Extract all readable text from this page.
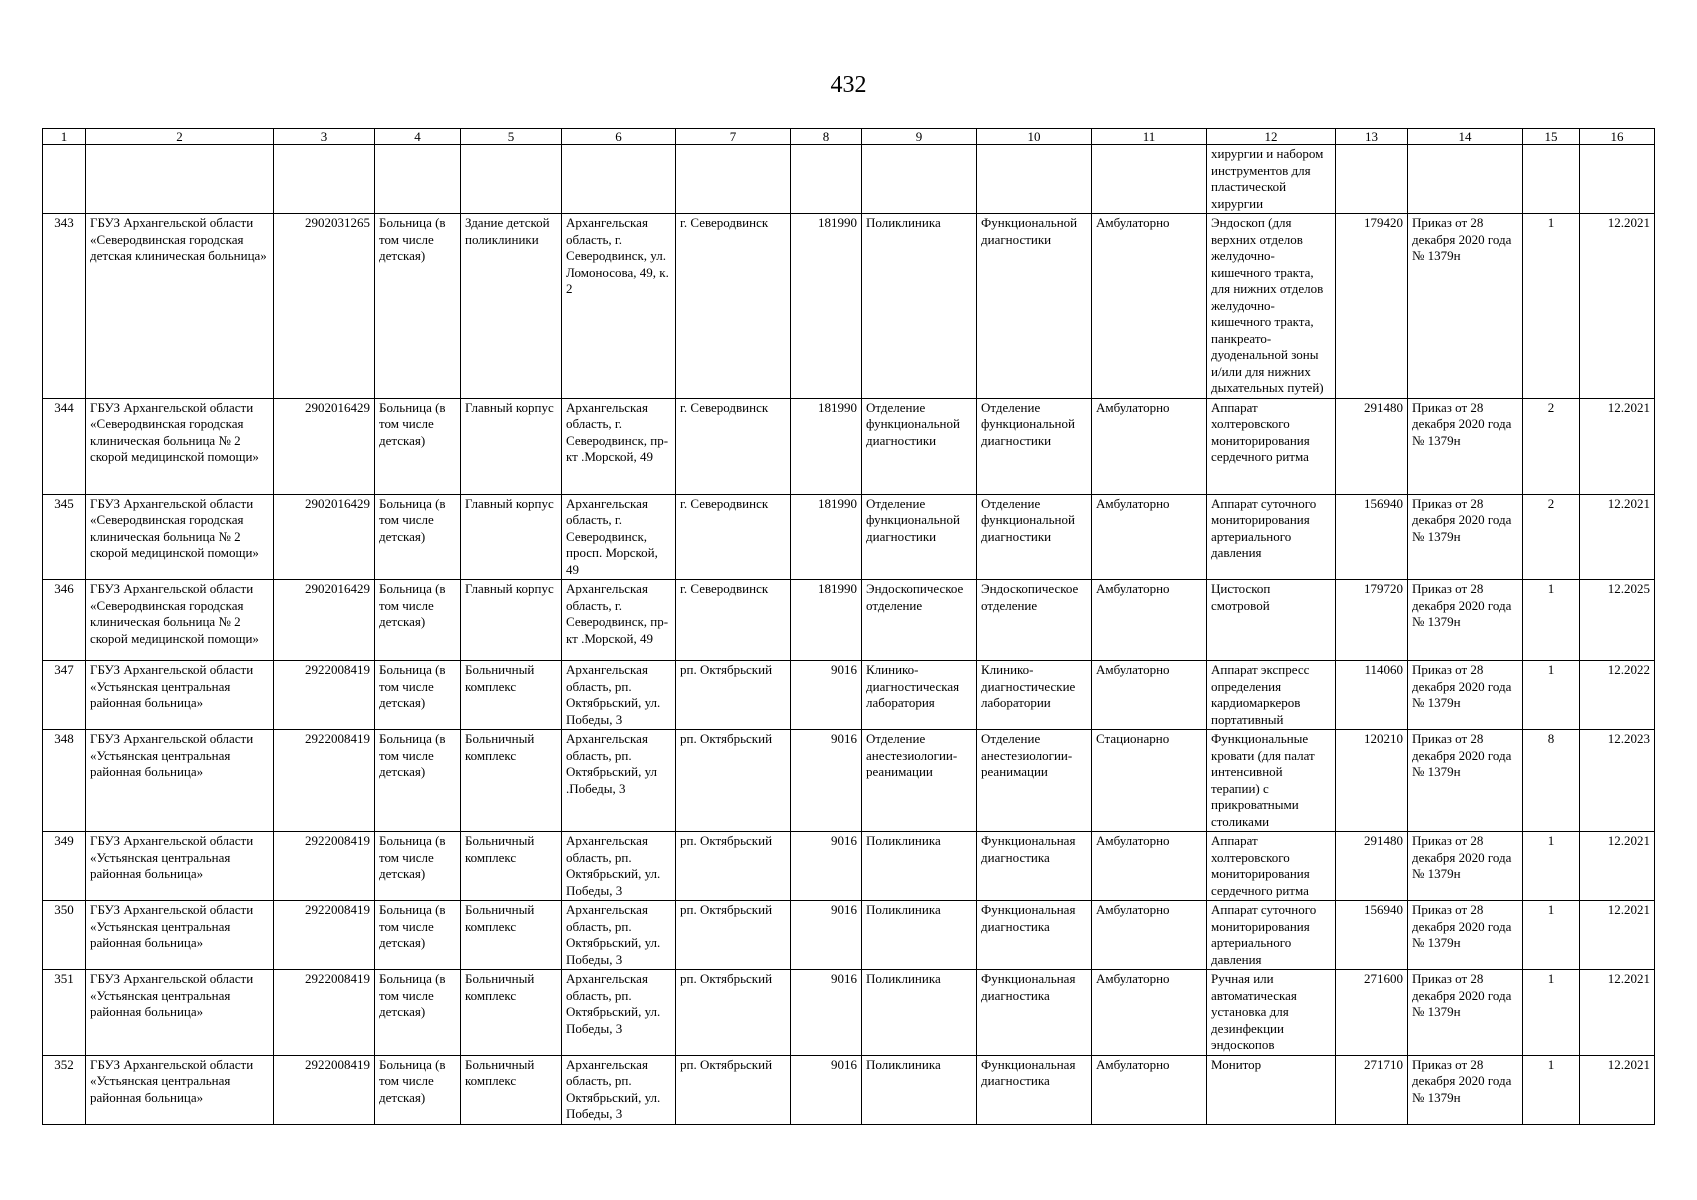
432
1	2	3	4	5	6	7	8	9	10	11	12	13	14	15	16
											хирургии и набором инструментов для пластической хирургии				
343	ГБУЗ Архангельской области «Северодвинская городская детская клиническая больница»	2902031265	Больница (в том числе детская)	Здание детской поликлиники	Архангельская область, г. Северодвинск, ул. Ломоносова, 49, к. 2	г. Северодвинск	181990	Поликлиника	Функциональной диагностики	Амбулаторно	Эндоскоп (для верхних отделов желудочно-кишечного тракта, для нижних отделов желудочно-кишечного тракта, панкреато-дуоденальной зоны и/или для нижних дыхательных путей)	179420	Приказ от 28 декабря 2020 года № 1379н	1	12.2021
344	ГБУЗ Архангельской области «Северодвинская городская клиническая больница № 2 скорой медицинской помощи»	2902016429	Больница (в том числе детская)	Главный корпус	Архангельская область, г. Северодвинск, пр-кт .Морской, 49	г. Северодвинск	181990	Отделение функциональной диагностики	Отделение функциональной диагностики	Амбулаторно	Аппарат холтеровского мониторирования сердечного ритма	291480	Приказ от 28 декабря 2020 года № 1379н	2	12.2021
345	ГБУЗ Архангельской области «Северодвинская городская клиническая больница № 2 скорой медицинской помощи»	2902016429	Больница (в том числе детская)	Главный корпус	Архангельская область, г. Северодвинск, просп. Морской, 49	г. Северодвинск	181990	Отделение функциональной диагностики	Отделение функциональной диагностики	Амбулаторно	Аппарат суточного мониторирования артериального давления	156940	Приказ от 28 декабря 2020 года № 1379н	2	12.2021
346	ГБУЗ Архангельской области «Северодвинская городская клиническая больница № 2 скорой медицинской помощи»	2902016429	Больница (в том числе детская)	Главный корпус	Архангельская область, г. Северодвинск, пр-кт .Морской, 49	г. Северодвинск	181990	Эндоскопическое отделение	Эндоскопическое отделение	Амбулаторно	Цистоскоп смотровой	179720	Приказ от 28 декабря 2020 года № 1379н	1	12.2025
347	ГБУЗ Архангельской области «Устьянская центральная районная больница»	2922008419	Больница (в том числе детская)	Больничный комплекс	Архангельская область, рп. Октябрьский, ул. Победы, 3	рп. Октябрьский	9016	Клинико-диагностическая лаборатория	Клинико-диагностические лаборатории	Амбулаторно	Аппарат экспресс определения кардиомаркеров портативный	114060	Приказ от 28 декабря 2020 года № 1379н	1	12.2022
348	ГБУЗ Архангельской области «Устьянская центральная районная больница»	2922008419	Больница (в том числе детская)	Больничный комплекс	Архангельская область, рп. Октябрьский, ул .Победы, 3	рп. Октябрьский	9016	Отделение анестезиологии-реанимации	Отделение анестезиологии-реанимации	Стационарно	Функциональные кровати (для палат интенсивной терапии) с прикроватными столиками	120210	Приказ от 28 декабря 2020 года № 1379н	8	12.2023
349	ГБУЗ Архангельской области «Устьянская центральная районная больница»	2922008419	Больница (в том числе детская)	Больничный комплекс	Архангельская область, рп. Октябрьский, ул. Победы, 3	рп. Октябрьский	9016	Поликлиника	Функциональная диагностика	Амбулаторно	Аппарат холтеровского мониторирования сердечного ритма	291480	Приказ от 28 декабря 2020 года № 1379н	1	12.2021
350	ГБУЗ Архангельской области «Устьянская центральная районная больница»	2922008419	Больница (в том числе детская)	Больничный комплекс	Архангельская область, рп. Октябрьский, ул. Победы, 3	рп. Октябрьский	9016	Поликлиника	Функциональная диагностика	Амбулаторно	Аппарат суточного мониторирования артериального давления	156940	Приказ от 28 декабря 2020 года № 1379н	1	12.2021
351	ГБУЗ Архангельской области «Устьянская центральная районная больница»	2922008419	Больница (в том числе детская)	Больничный комплекс	Архангельская область, рп. Октябрьский, ул. Победы, 3	рп. Октябрьский	9016	Поликлиника	Функциональная диагностика	Амбулаторно	Ручная или автоматическая установка для дезинфекции эндоскопов	271600	Приказ от 28 декабря 2020 года № 1379н	1	12.2021
352	ГБУЗ Архангельской области «Устьянская центральная районная больница»	2922008419	Больница (в том числе детская)	Больничный комплекс	Архангельская область, рп. Октябрьский, ул. Победы, 3	рп. Октябрьский	9016	Поликлиника	Функциональная диагностика	Амбулаторно	Монитор	271710	Приказ от 28 декабря 2020 года № 1379н	1	12.2021
